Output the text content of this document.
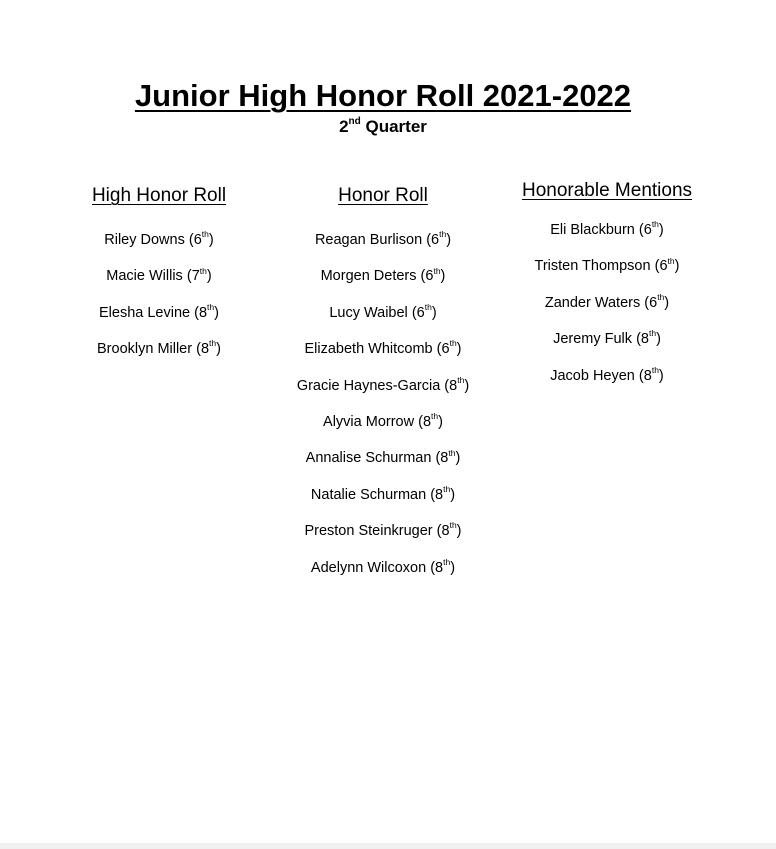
Junior High Honor Roll 2021-2022
2nd Quarter
High Honor Roll
Riley Downs (6th)
Macie Willis (7th)
Elesha Levine (8th)
Brooklyn Miller (8th)
Honor Roll
Reagan Burlison (6th)
Morgen Deters (6th)
Lucy Waibel (6th)
Elizabeth Whitcomb (6th)
Gracie Haynes-Garcia (8th)
Alyvia Morrow (8th)
Annalise Schurman (8th)
Natalie Schurman (8th)
Preston Steinkruger (8th)
Adelynn Wilcoxon (8th)
Honorable Mentions
Eli Blackburn (6th)
Tristen Thompson (6th)
Zander Waters (6th)
Jeremy Fulk (8th)
Jacob Heyen (8th)
